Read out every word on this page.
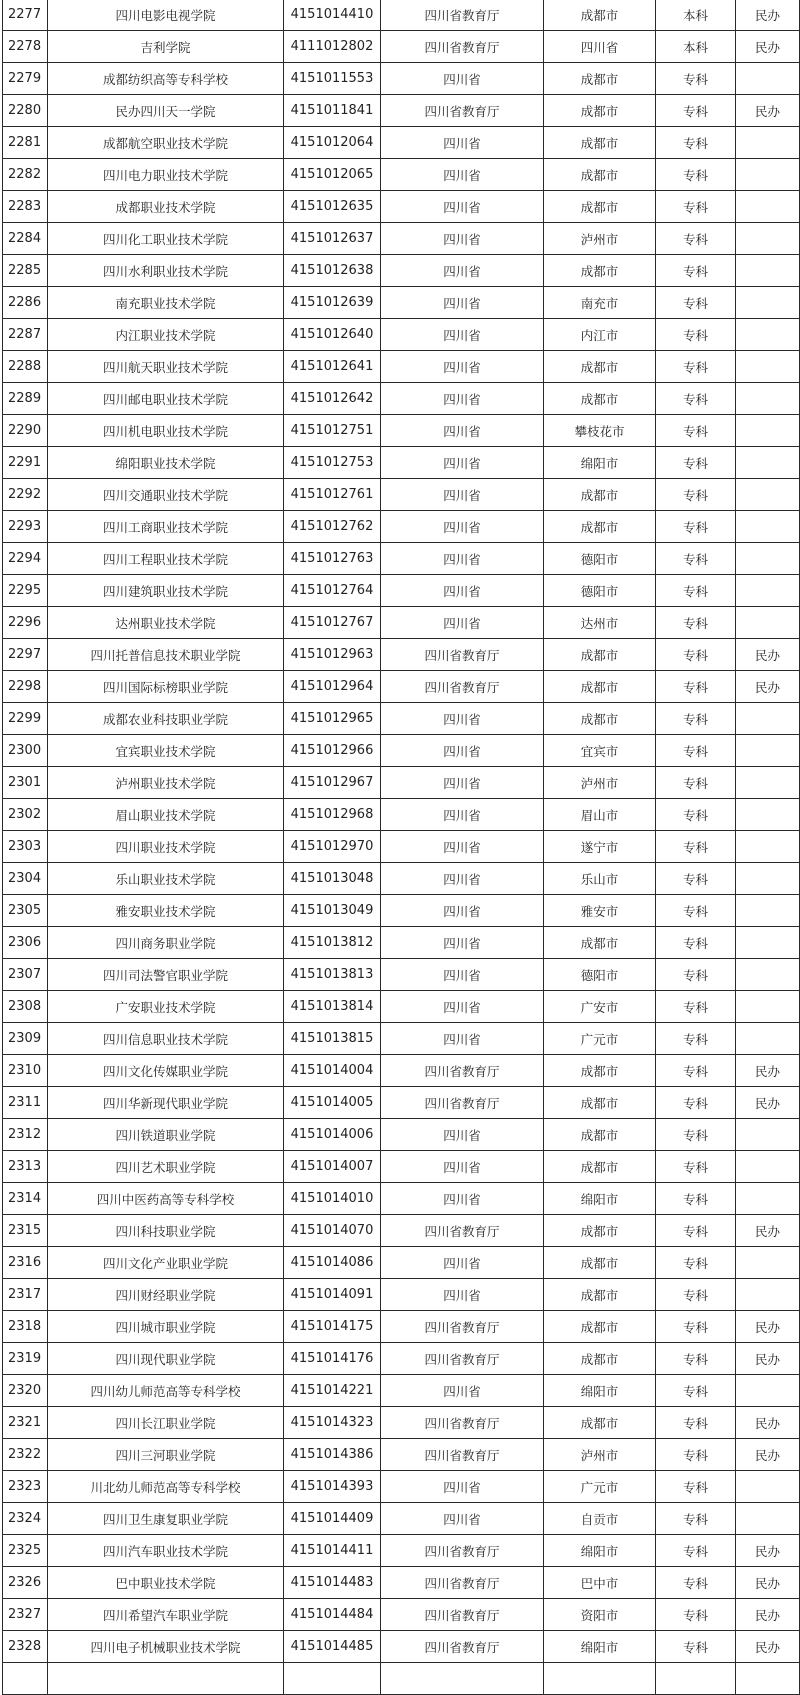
2277	四川电影电视学院	4151014410	四川省教育厅	成都市	本科	民办
2278	吉利学院	4111012802	四川省教育厅	四川省	本科	民办
2279	成都纺织高等专科学校	4151011553	四川省	成都市	专科	
2280	民办四川天一学院	4151011841	四川省教育厅	成都市	专科	民办
2281	成都航空职业技术学院	4151012064	四川省	成都市	专科	
2282	四川电力职业技术学院	4151012065	四川省	成都市	专科	
2283	成都职业技术学院	4151012635	四川省	成都市	专科	
2284	四川化工职业技术学院	4151012637	四川省	泸州市	专科	
2285	四川水利职业技术学院	4151012638	四川省	成都市	专科	
2286	南充职业技术学院	4151012639	四川省	南充市	专科	
2287	内江职业技术学院	4151012640	四川省	内江市	专科	
2288	四川航天职业技术学院	4151012641	四川省	成都市	专科	
2289	四川邮电职业技术学院	4151012642	四川省	成都市	专科	
2290	四川机电职业技术学院	4151012751	四川省	攀枝花市	专科	
2291	绵阳职业技术学院	4151012753	四川省	绵阳市	专科	
2292	四川交通职业技术学院	4151012761	四川省	成都市	专科	
2293	四川工商职业技术学院	4151012762	四川省	成都市	专科	
2294	四川工程职业技术学院	4151012763	四川省	德阳市	专科	
2295	四川建筑职业技术学院	4151012764	四川省	德阳市	专科	
2296	达州职业技术学院	4151012767	四川省	达州市	专科	
2297	四川托普信息技术职业学院	4151012963	四川省教育厅	成都市	专科	民办
2298	四川国际标榜职业学院	4151012964	四川省教育厅	成都市	专科	民办
2299	成都农业科技职业学院	4151012965	四川省	成都市	专科	
2300	宜宾职业技术学院	4151012966	四川省	宜宾市	专科	
2301	泸州职业技术学院	4151012967	四川省	泸州市	专科	
2302	眉山职业技术学院	4151012968	四川省	眉山市	专科	
2303	四川职业技术学院	4151012970	四川省	遂宁市	专科	
2304	乐山职业技术学院	4151013048	四川省	乐山市	专科	
2305	雅安职业技术学院	4151013049	四川省	雅安市	专科	
2306	四川商务职业学院	4151013812	四川省	成都市	专科	
2307	四川司法警官职业学院	4151013813	四川省	德阳市	专科	
2308	广安职业技术学院	4151013814	四川省	广安市	专科	
2309	四川信息职业技术学院	4151013815	四川省	广元市	专科	
2310	四川文化传媒职业学院	4151014004	四川省教育厅	成都市	专科	民办
2311	四川华新现代职业学院	4151014005	四川省教育厅	成都市	专科	民办
2312	四川铁道职业学院	4151014006	四川省	成都市	专科	
2313	四川艺术职业学院	4151014007	四川省	成都市	专科	
2314	四川中医药高等专科学校	4151014010	四川省	绵阳市	专科	
2315	四川科技职业学院	4151014070	四川省教育厅	成都市	专科	民办
2316	四川文化产业职业学院	4151014086	四川省	成都市	专科	
2317	四川财经职业学院	4151014091	四川省	成都市	专科	
2318	四川城市职业学院	4151014175	四川省教育厅	成都市	专科	民办
2319	四川现代职业学院	4151014176	四川省教育厅	成都市	专科	民办
2320	四川幼儿师范高等专科学校	4151014221	四川省	绵阳市	专科	
2321	四川长江职业学院	4151014323	四川省教育厅	成都市	专科	民办
2322	四川三河职业学院	4151014386	四川省教育厅	泸州市	专科	民办
2323	川北幼儿师范高等专科学校	4151014393	四川省	广元市	专科	
2324	四川卫生康复职业学院	4151014409	四川省	自贡市	专科	
2325	四川汽车职业技术学院	4151014411	四川省教育厅	绵阳市	专科	民办
2326	巴中职业技术学院	4151014483	四川省教育厅	巴中市	专科	民办
2327	四川希望汽车职业学院	4151014484	四川省教育厅	资阳市	专科	民办
2328	四川电子机械职业技术学院	4151014485	四川省教育厅	绵阳市	专科	民办
